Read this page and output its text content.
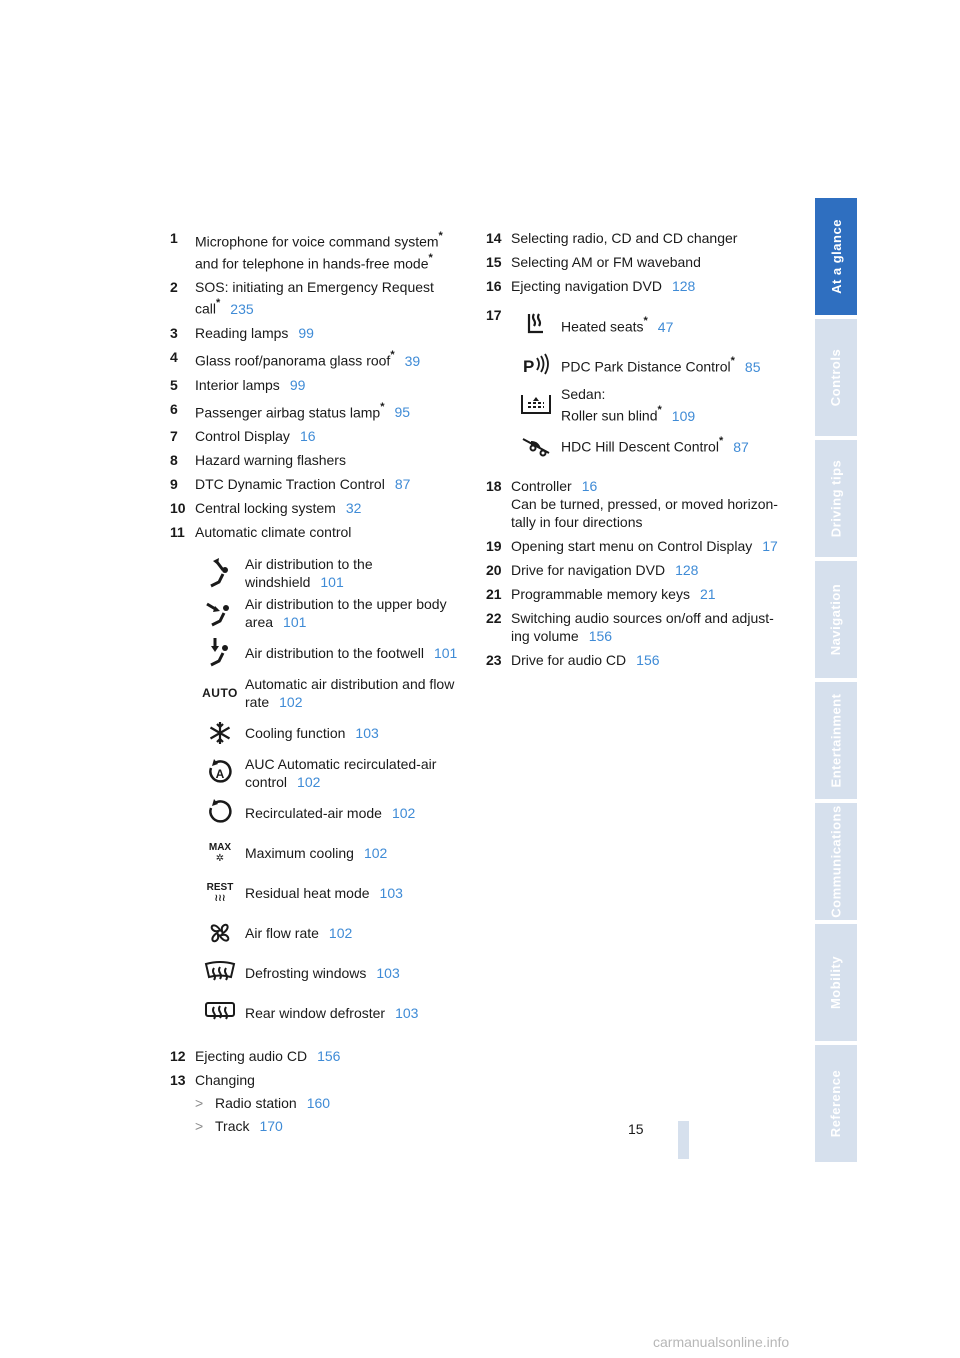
1	Microphone for voice command system*
and for telephone in hands-free mode*
2	SOS: initiating an Emergency Request
call* 235
3	Reading lamps 99
4	Glass roof/panorama glass roof* 39
5	Interior lamps 99
6	Passenger airbag status lamp* 95
7	Control Display 16
8	Hazard warning flashers
9	DTC Dynamic Traction Control 87
10 Central locking system 32
11 Automatic climate control
Air distribution to the
windshield 101
Air distribution to the upper body
area 101
Air distribution to the footwell 101
AUTO
Automatic air distribution and flow
rate 102
Cooling function 103
A
AUC Automatic recirculated-air
control 102
Recirculated-air mode 102
MAX
✲	Maximum cooling 102
REST
≀≀≀	Residual heat mode 103
Air flow rate 102
Defrosting windows 103
Rear window defroster 103
12 Ejecting audio CD 156
13 Changing
> Radio station 160
> Track 170
14 Selecting radio, CD and CD changer
15 Selecting AM or FM waveband
16 Ejecting navigation DVD 128
17
Heated seats* 47
P PDC Park Distance Control* 85
Sedan:
Roller sun blind* 109
HDC Hill Descent Control* 87
18 Controller 16
Can be turned, pressed, or moved horizon-
tally in four directions
19 Opening start menu on Control Display 17
20 Drive for navigation DVD 128
21 Programmable memory keys 21
22 Switching audio sources on/off and adjust-
ing volume 156
23 Drive for audio CD 156
At a glance
Controls
Driving tips
Navigation
Entertainment
Communications
Mobility
Reference
15
carmanualsonline.info
